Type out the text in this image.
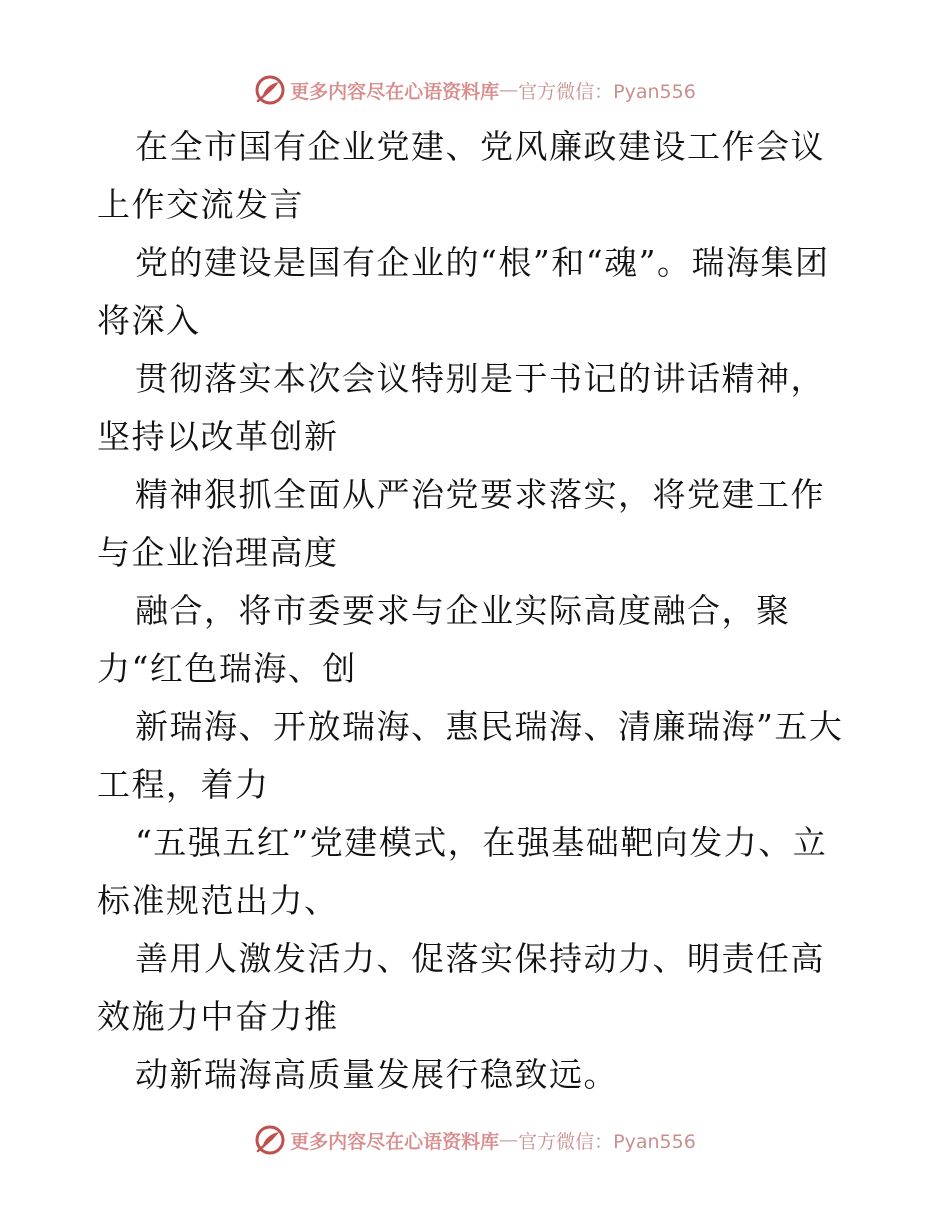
更多内容尽在心语资料库 — 官方微信：Pyan556

在全市国有企业党建、党风廉政建设工作会议上作交流发言

党的建设是国有企业的“根”和“魂”。瑞海集团将深入

贯彻落实本次会议特别是于书记的讲话精神，坚持以改革创新

精神狠抓全面从严治党要求落实，将党建工作与企业治理高度

融合，将市委要求与企业实际高度融合，聚力“红色瑞海、创

新瑞海、开放瑞海、惠民瑞海、清廉瑞海”五大工程，着力

“五强五红”党建模式，在强基础靶向发力、立标准规范出力、

善用人激发活力、促落实保持动力、明责任高效施力中奋力推

动新瑞海高质量发展行稳致远。

更多内容尽在心语资料库 — 官方微信：Pyan556
